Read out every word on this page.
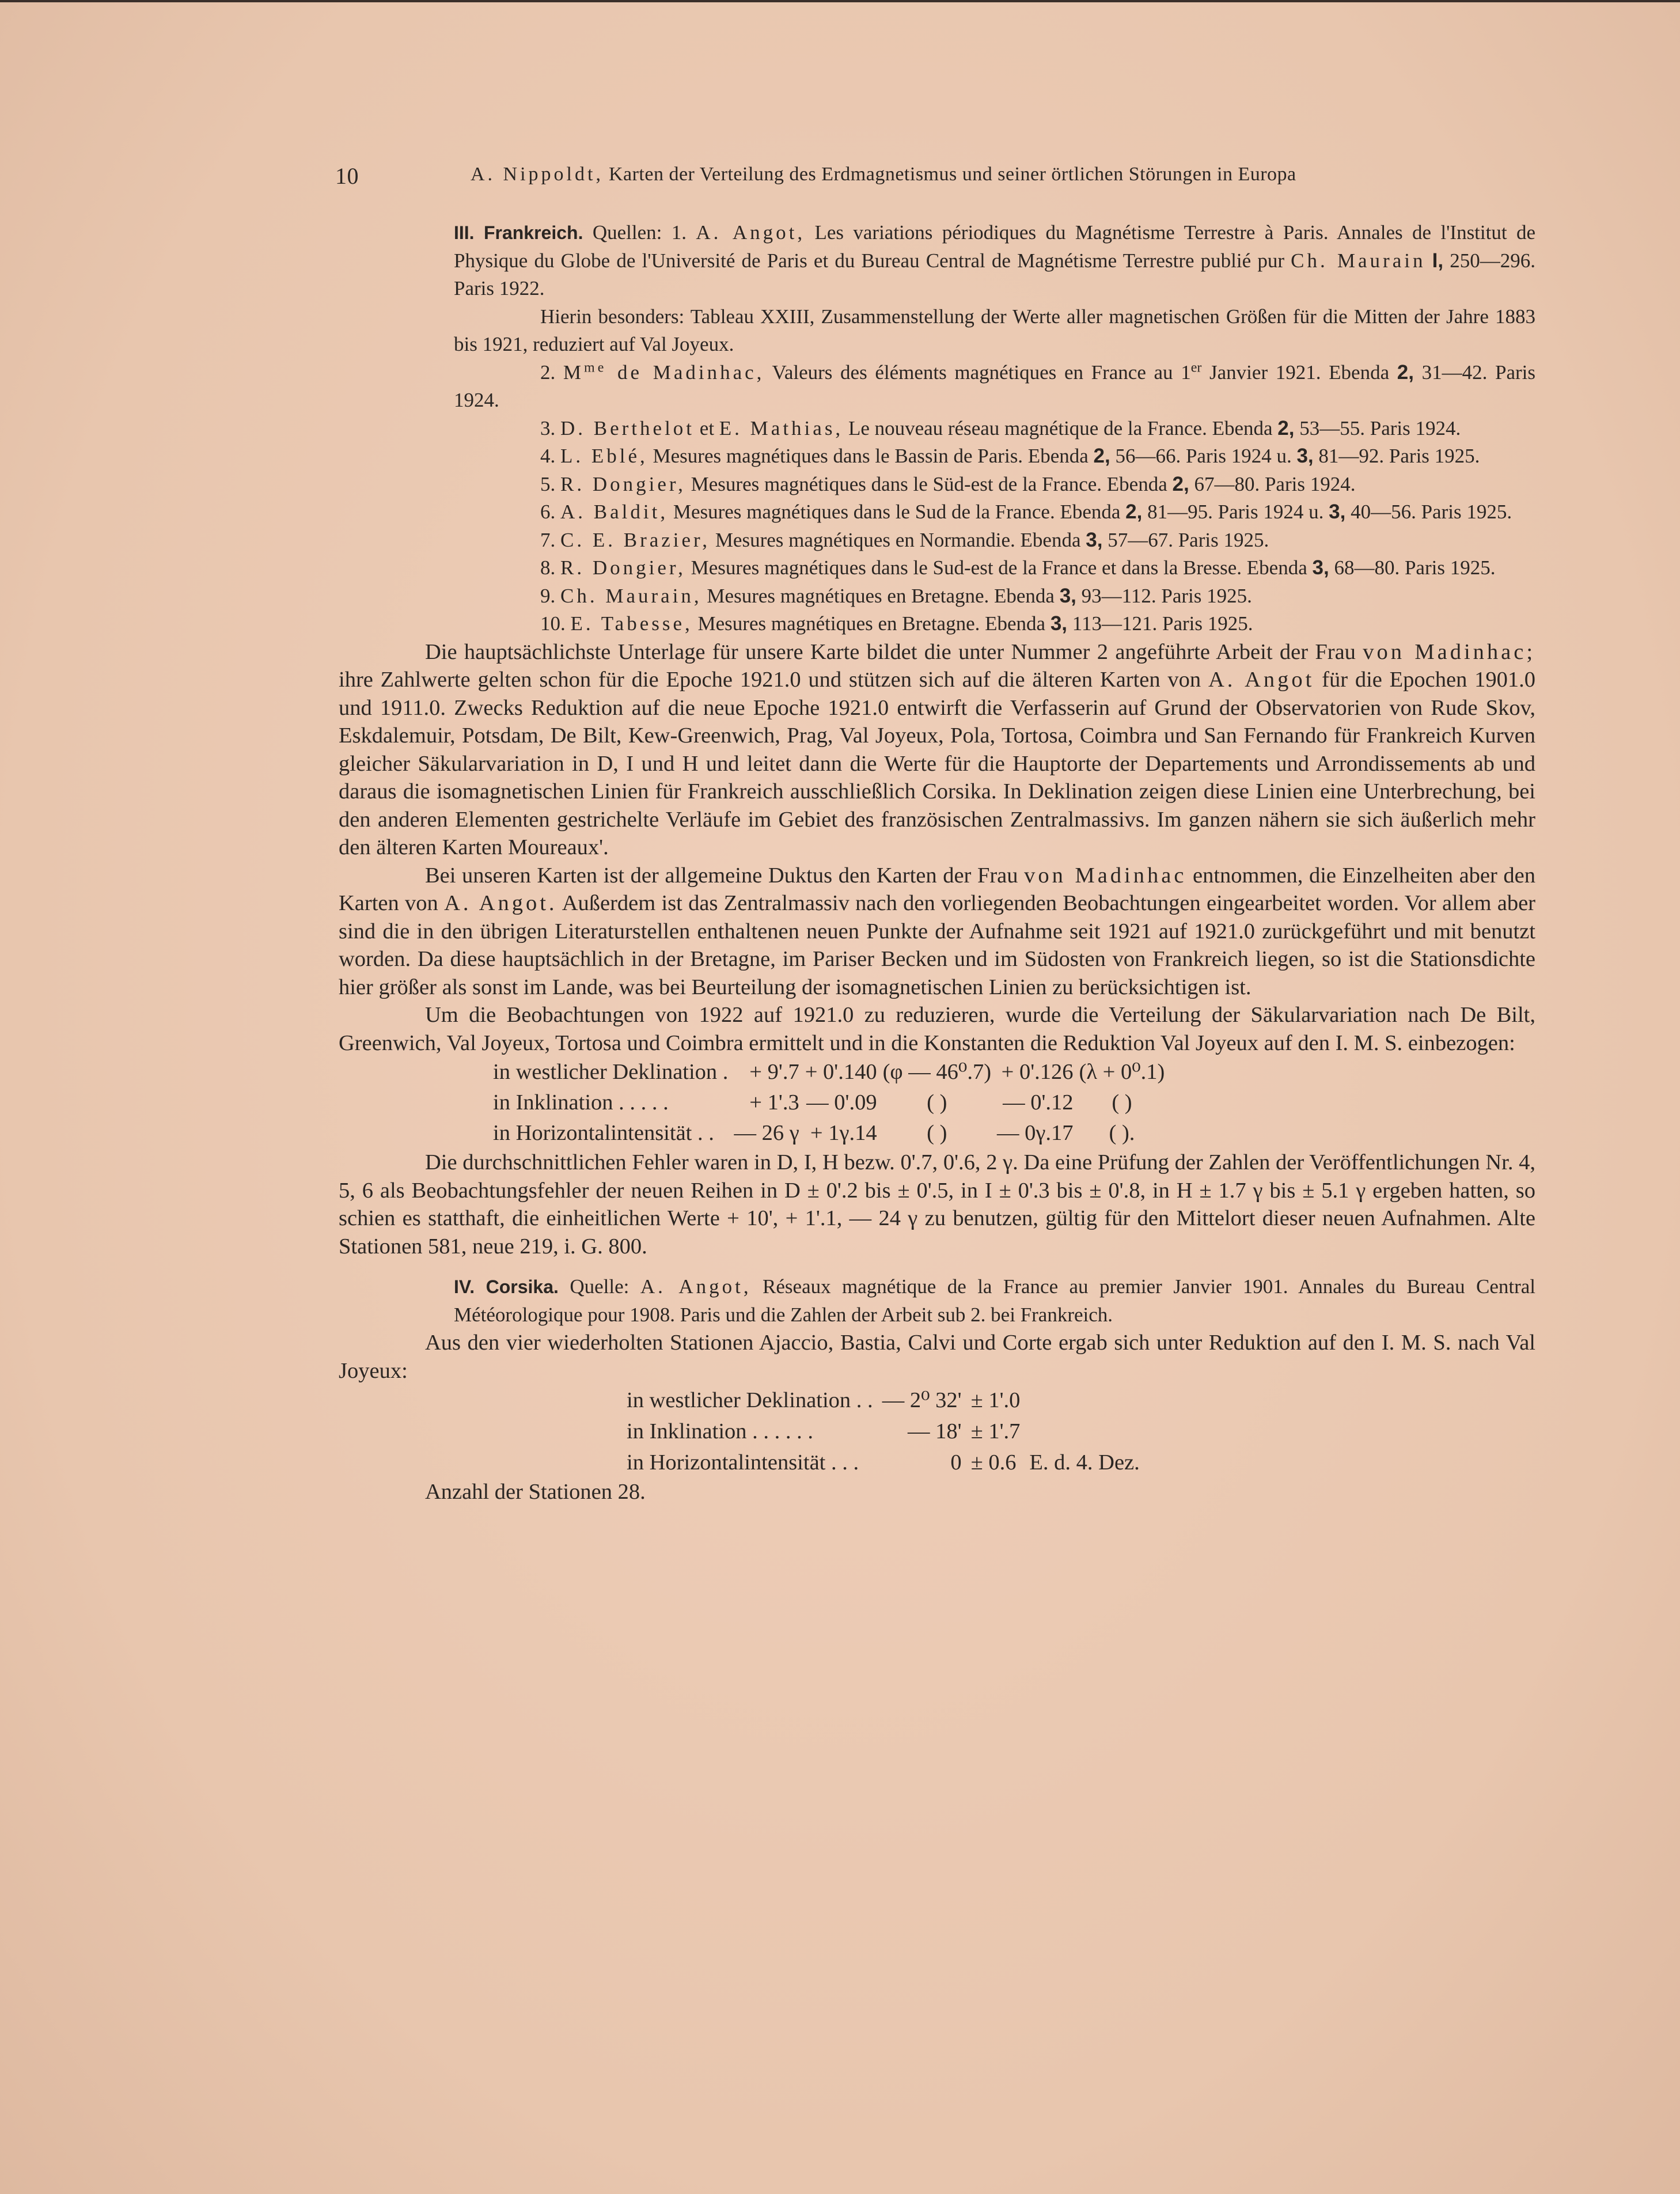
10	A. Nippoldt, Karten der Verteilung des Erdmagnetismus und seiner örtlichen Störungen in Europa

III. Frankreich. Quellen: 1. A. Angot, Les variations périodiques du Magnétisme Terrestre à Paris. Annales de l'Institut de Physique du Globe de l'Université de Paris et du Bureau Central de Magnétisme Terrestre publié pur Ch. Maurain I, 250—296. Paris 1922.

Hierin besonders: Tableau XXIII, Zusammenstellung der Werte aller magnetischen Größen für die Mitten der Jahre 1883 bis 1921, reduziert auf Val Joyeux.

2. $M^{me}$ de Madinhac, Valeurs des éléments magnétiques en France au 1er Janvier 1921. Ebenda 2, 31—42. Paris 1924.

3. D. Berthelot et E. Mathias, Le nouveau réseau magnétique de la France. Ebenda 2, 53—55. Paris 1924.

4. L. Eblé, Mesures magnétiques dans le Bassin de Paris. Ebenda 2, 56—66. Paris 1924 u. 3, 81—92. Paris 1925.

5. R. Dongier, Mesures magnétiques dans le Süd-est de la France. Ebenda 2, 67—80. Paris 1924.

6. A. Baldit, Mesures magnétiques dans le Sud de la France. Ebenda 2, 81—95. Paris 1924 u. 3, 40—56. Paris 1925.

7. C. E. Brazier, Mesures magnétiques en Normandie. Ebenda 3, 57—67. Paris 1925.

8. R. Dongier, Mesures magnétiques dans le Sud-est de la France et dans la Bresse. Ebenda 3, 68—80. Paris 1925.

9. Ch. Maurain, Mesures magnétiques en Bretagne. Ebenda 3, 93—112. Paris 1925.

10. E. Tabesse, Mesures magnétiques en Bretagne. Ebenda 3, 113—121. Paris 1925.

Die hauptsächlichste Unterlage für unsere Karte bildet die unter Nummer 2 angeführte Arbeit der Frau von Madinhac; ihre Zahlwerte gelten schon für die Epoche 1921.0 und stützen sich auf die älteren Karten von A. Angot für die Epochen 1901.0 und 1911.0. Zwecks Reduktion auf die neue Epoche 1921.0 entwirft die Verfasserin auf Grund der Observatorien von Rude Skov, Eskdalemuir, Potsdam, De Bilt, Kew-Greenwich, Prag, Val Joyeux, Pola, Tortosa, Coimbra und San Fernando für Frankreich Kurven gleicher Säkularvariation in D, I und H und leitet dann die Werte für die Hauptorte der Departements und Arrondissements ab und daraus die isomagnetischen Linien für Frankreich ausschließlich Corsika. In Deklination zeigen diese Linien eine Unterbrechung, bei den anderen Elementen gestrichelte Verläufe im Gebiet des französischen Zentralmassivs. Im ganzen nähern sie sich äußerlich mehr den älteren Karten Moureaux'.

Bei unseren Karten ist der allgemeine Duktus den Karten der Frau von Madinhac entnommen, die Einzelheiten aber den Karten von A. Angot. Außerdem ist das Zentralmassiv nach den vorliegenden Beobachtungen eingearbeitet worden. Vor allem aber sind die in den übrigen Literaturstellen enthaltenen neuen Punkte der Aufnahme seit 1921 auf 1921.0 zurückgeführt und mit benutzt worden. Da diese hauptsächlich in der Bretagne, im Pariser Becken und im Südosten von Frankreich liegen, so ist die Stationsdichte hier größer als sonst im Lande, was bei Beurteilung der isomagnetischen Linien zu berücksichtigen ist.

Um die Beobachtungen von 1922 auf 1921.0 zu reduzieren, wurde die Verteilung der Säkularvariation nach De Bilt, Greenwich, Val Joyeux, Tortosa und Coimbra ermittelt und in die Konstanten die Reduktion Val Joyeux auf den I. M. S. einbezogen:

in westlicher Deklination .	+ 9'.7	+ 0'.140	(φ — 46⁰.7)	+ 0'.126	(λ + 0⁰.1)
in Inklination . . . . .	+ 1'.3	— 0'.09	( )	— 0'.12	( )
in Horizontalintensität . .	— 26 γ	+ 1γ.14	( )	— 0γ.17	( ).

Die durchschnittlichen Fehler waren in D, I, H bezw. 0'.7, 0'.6, 2 γ. Da eine Prüfung der Zahlen der Veröffentlichungen Nr. 4, 5, 6 als Beobachtungsfehler der neuen Reihen in D ± 0'.2 bis ± 0'.5, in I ± 0'.3 bis ± 0'.8, in H ± 1.7 γ bis ± 5.1 γ ergeben hatten, so schien es statthaft, die einheitlichen Werte + 10', + 1'.1, — 24 γ zu benutzen, gültig für den Mittelort dieser neuen Aufnahmen. Alte Stationen 581, neue 219, i. G. 800.

IV. Corsika. Quelle: A. Angot, Réseaux magnétique de la France au premier Janvier 1901. Annales du Bureau Central Météorologique pour 1908. Paris und die Zahlen der Arbeit sub 2. bei Frankreich.

Aus den vier wiederholten Stationen Ajaccio, Bastia, Calvi und Corte ergab sich unter Reduktion auf den I. M. S. nach Val Joyeux:

in westlicher Deklination . .	— 2⁰ 32'	± 1'.0	
in Inklination . . . . . .	— 18'	± 1'.7	
in Horizontalintensität . . .	0	± 0.6	E. d. 4. Dez.

Anzahl der Stationen 28.
